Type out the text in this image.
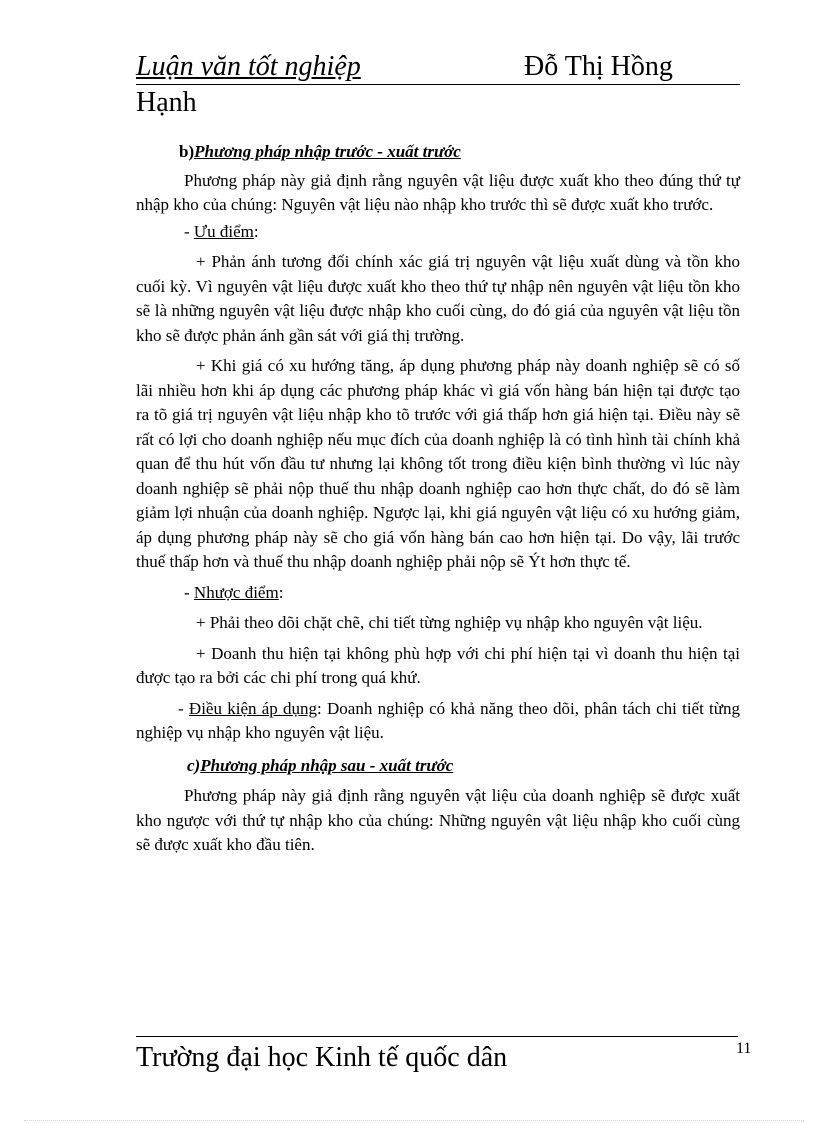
Luận văn tốt nghiệp	Đỗ Thị Hồng
Hạnh

b)Phương pháp nhập trước - xuất trước

Phương pháp này giả định rằng nguyên vật liệu được xuất kho theo đúng thứ tự nhập kho của chúng: Nguyên vật liệu nào nhập kho trước thì sẽ được xuất kho trước.

- Ưu điểm:

+ Phản ánh tương đối chính xác giá trị nguyên vật liệu xuất dùng và tồn kho cuối kỳ. Vì nguyên vật liệu được xuất kho theo thứ tự nhập nên nguyên vật liệu tồn kho sẽ là những nguyên vật liệu được nhập kho cuối cùng, do đó giá của nguyên vật liệu tồn kho sẽ được phản ánh gần sát với giá thị trường.

+ Khi giá có xu hướng tăng, áp dụng phương pháp này doanh nghiệp sẽ có số lãi nhiều hơn khi áp dụng các phương pháp khác vì giá vốn hàng bán hiện tại được tạo ra tõ giá trị nguyên vật liệu nhập kho tõ trước với giá thấp hơn giá hiện tại. Điều này sẽ rất có lợi cho doanh nghiệp nếu mục đích của doanh nghiệp là có tình hình tài chính khả quan để thu hút vốn đầu tư nhưng lại không tốt trong điều kiện bình thường vì lúc này doanh nghiệp sẽ phải nộp thuế thu nhập doanh nghiệp cao hơn thực chất, do đó sẽ làm giảm lợi nhuận của doanh nghiệp. Ngược lại, khi giá nguyên vật liệu có xu hướng giảm, áp dụng phương pháp này sẽ cho giá vốn hàng bán cao hơn hiện tại. Do vậy, lãi trước thuế thấp hơn và thuế thu nhập doanh nghiệp phải nộp sẽ Ýt hơn thực tế.

- Nhược điểm:

+ Phải theo dõi chặt chẽ, chi tiết từng nghiệp vụ nhập kho nguyên vật liệu.

+ Doanh thu hiện tại không phù hợp với chi phí hiện tại vì doanh thu hiện tại được tạo ra bởi các chi phí trong quá khứ.

- Điều kiện áp dụng: Doanh nghiệp có khả năng theo dõi, phân tách chi tiết từng nghiệp vụ nhập kho nguyên vật liệu.

c)Phương pháp nhập sau - xuất trước

Phương pháp này giả định rằng nguyên vật liệu của doanh nghiệp sẽ được xuất kho ngược với thứ tự nhập kho của chúng: Những nguyên vật liệu nhập kho cuối cùng sẽ được xuất kho đầu tiên.

Trường đại học Kinh tế quốc dân	11
